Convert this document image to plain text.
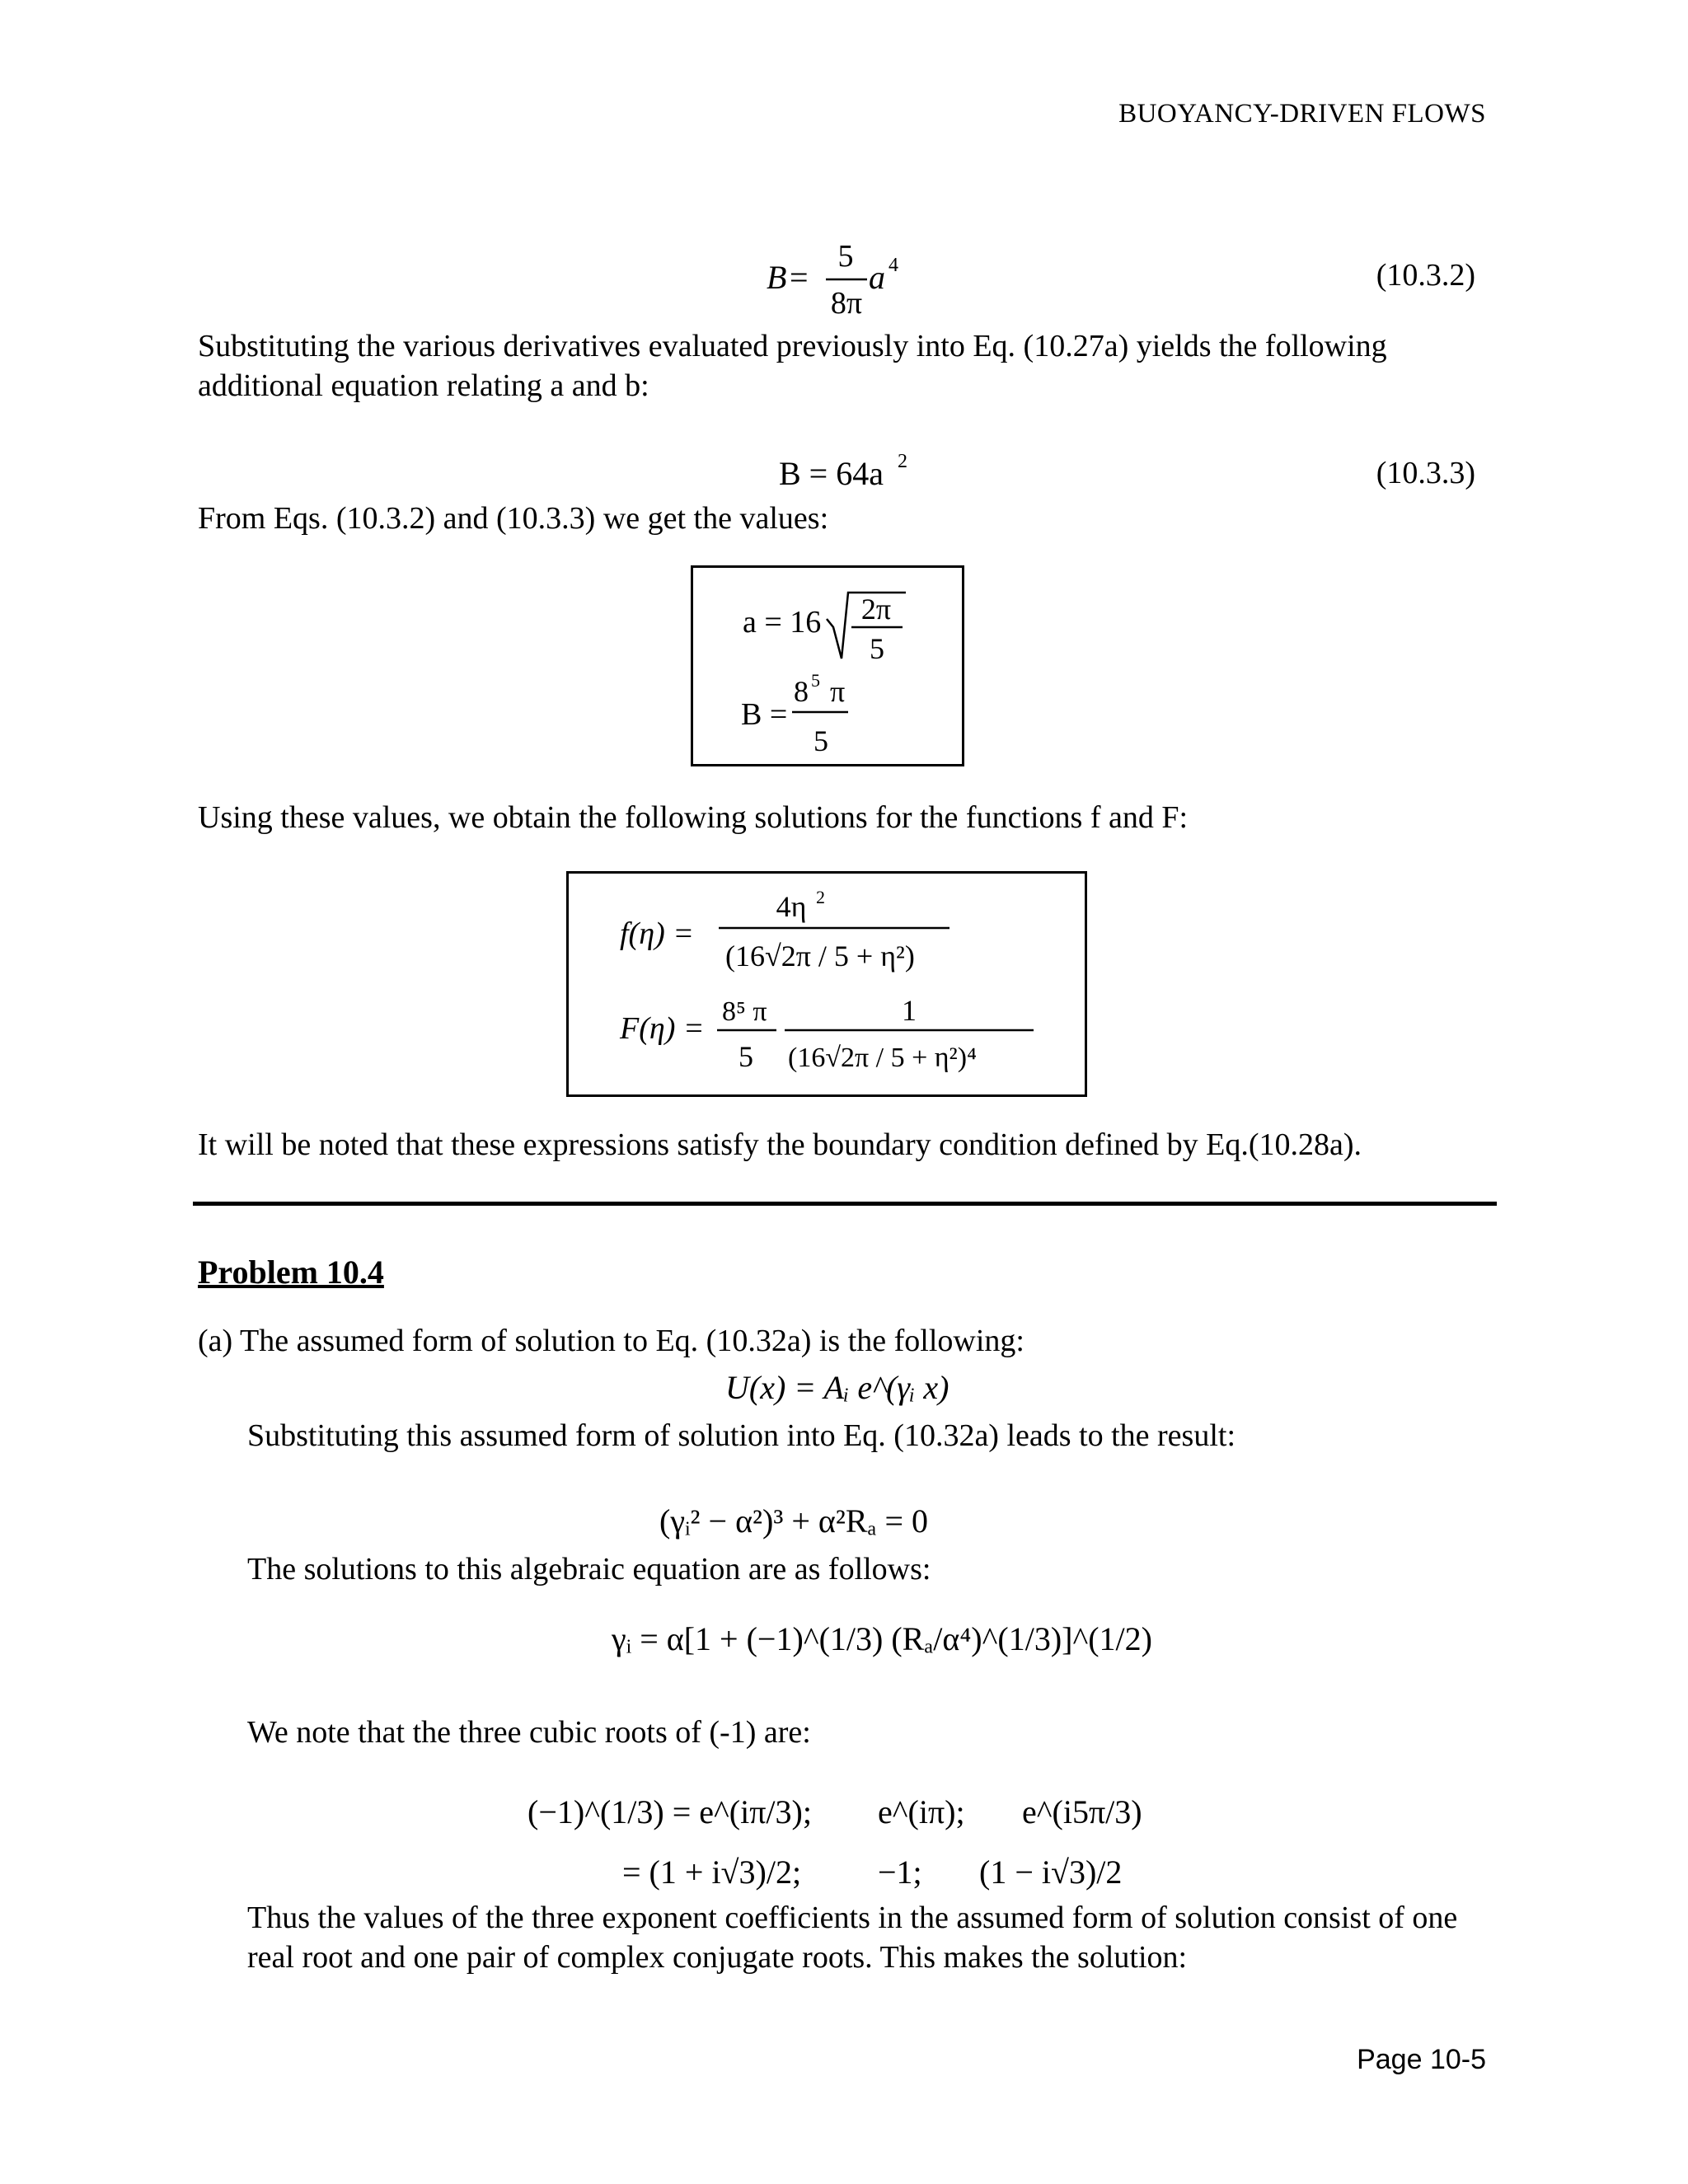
BUOYANCY-DRIVEN FLOWS
B =
5
8π
a 4	(10.3.2)
Substituting the various derivatives evaluated previously into Eq. (10.27a) yields the following additional equation relating a and b:
B = 64a 2	(10.3.3)
From Eqs. (10.3.2) and (10.3.3) we get the values:
a = 16 2π
5
B =
8 5 π
5
Using these values, we obtain the following solutions for the functions f and F:
f(η) =
4η 2
(16√2π / 5 + η²)
F(η) = 8⁵ π
5
1
(16√2π / 5 + η²)⁴
It will be noted that these expressions satisfy the boundary condition defined by Eq.(10.28a).
Problem 10.4
(a) The assumed form of solution to Eq. (10.32a) is the following:
U(x) = Aᵢ e^(γᵢ x)
Substituting this assumed form of solution into Eq. (10.32a) leads to the result:
(γᵢ² − α²)³ + α²Rₐ = 0
The solutions to this algebraic equation are as follows:
γᵢ = α[1 + (−1)^(1/3) (Rₐ/α⁴)^(1/3)]^(1/2)
We note that the three cubic roots of (-1) are:
(−1)^(1/3) = e^(iπ/3); e^(iπ); e^(i5π/3)
= (1 + i√3)/2; −1; (1 − i√3)/2
Thus the values of the three exponent coefficients in the assumed form of solution consist of one real root and one pair of complex conjugate roots. This makes the solution:
Page 10-5
